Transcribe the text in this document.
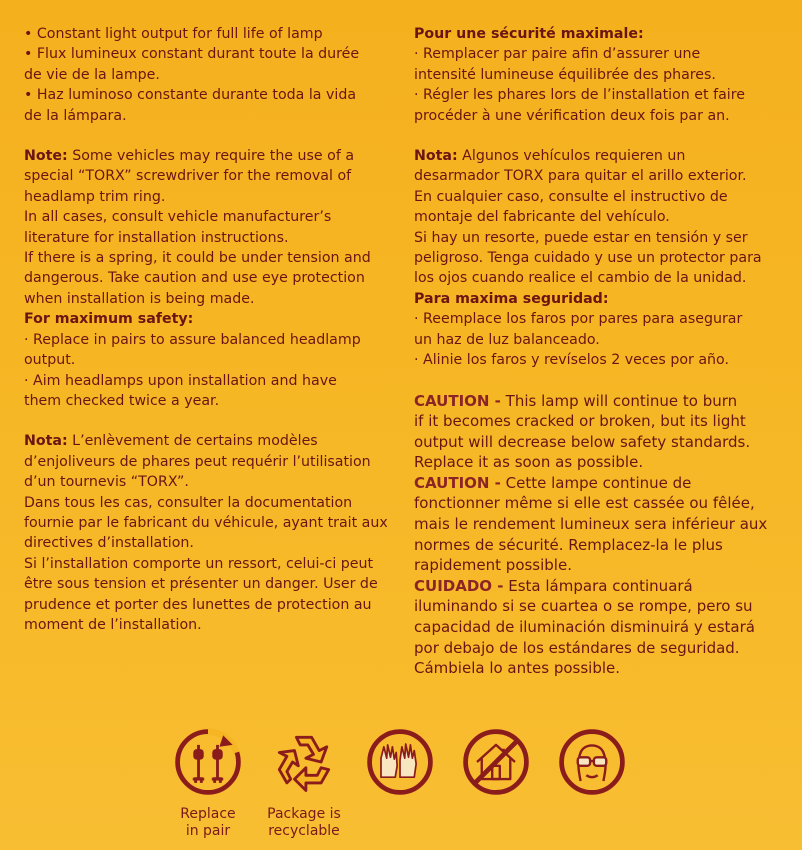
• Constant light output for full life of lamp

• Flux lumineux constant durant toute la durée

de vie de la lampe.

• Haz luminoso constante durante toda la vida

de la lámpara.

Note: Some vehicles may require the use of a

special “TORX” screwdriver for the removal of

headlamp trim ring.

In all cases, consult vehicle manufacturer’s

literature for installation instructions.

If there is a spring, it could be under tension and

dangerous. Take caution and use eye protection

when installation is being made.

For maximum safety:

· Replace in pairs to assure balanced headlamp

output.

· Aim headlamps upon installation and have

them checked twice a year.

Nota: L’enlèvement de certains modèles

d’enjoliveurs de phares peut requérir l’utilisation

d’un tournevis “TORX”.

Dans tous les cas, consulter la documentation

fournie par le fabricant du véhicule, ayant trait aux

directives d’installation.

Si l’installation comporte un ressort, celui-ci peut

être sous tension et présenter un danger. User de

prudence et porter des lunettes de protection au

moment de l’installation.

Pour une sécurité maximale:

· Remplacer par paire afin d’assurer une

intensité lumineuse équilibrée des phares.

· Régler les phares lors de l’installation et faire

procéder à une vérification deux fois par an.

Nota: Algunos vehículos requieren un

desarmador TORX para quitar el arillo exterior.

En cualquier caso, consulte el instructivo de

montaje del fabricante del vehículo.

Si hay un resorte, puede estar en tensión y ser

peligroso. Tenga cuidado y use un protector para

los ojos cuando realice el cambio de la unidad.

Para maxima seguridad:

· Reemplace los faros por pares para asegurar

un haz de luz balanceado.

· Alinie los faros y revíselos 2 veces por año.

CAUTION - This lamp will continue to burn

if it becomes cracked or broken, but its light

output will decrease below safety standards.

Replace it as soon as possible.

CAUTION - Cette lampe continue de

fonctionner même si elle est cassée ou fêlée,

mais le rendement lumineux sera inférieur aux

normes de sécurité. Remplacez-la le plus

rapidement possible.

CUIDADO - Esta lámpara continuará

iluminando si se cuartea o se rompe, pero su

capacidad de iluminación disminuirá y estará

por debajo de los estándares de seguridad.

Cámbiela lo antes possible.

Replace
in pair
Package is
recyclable
